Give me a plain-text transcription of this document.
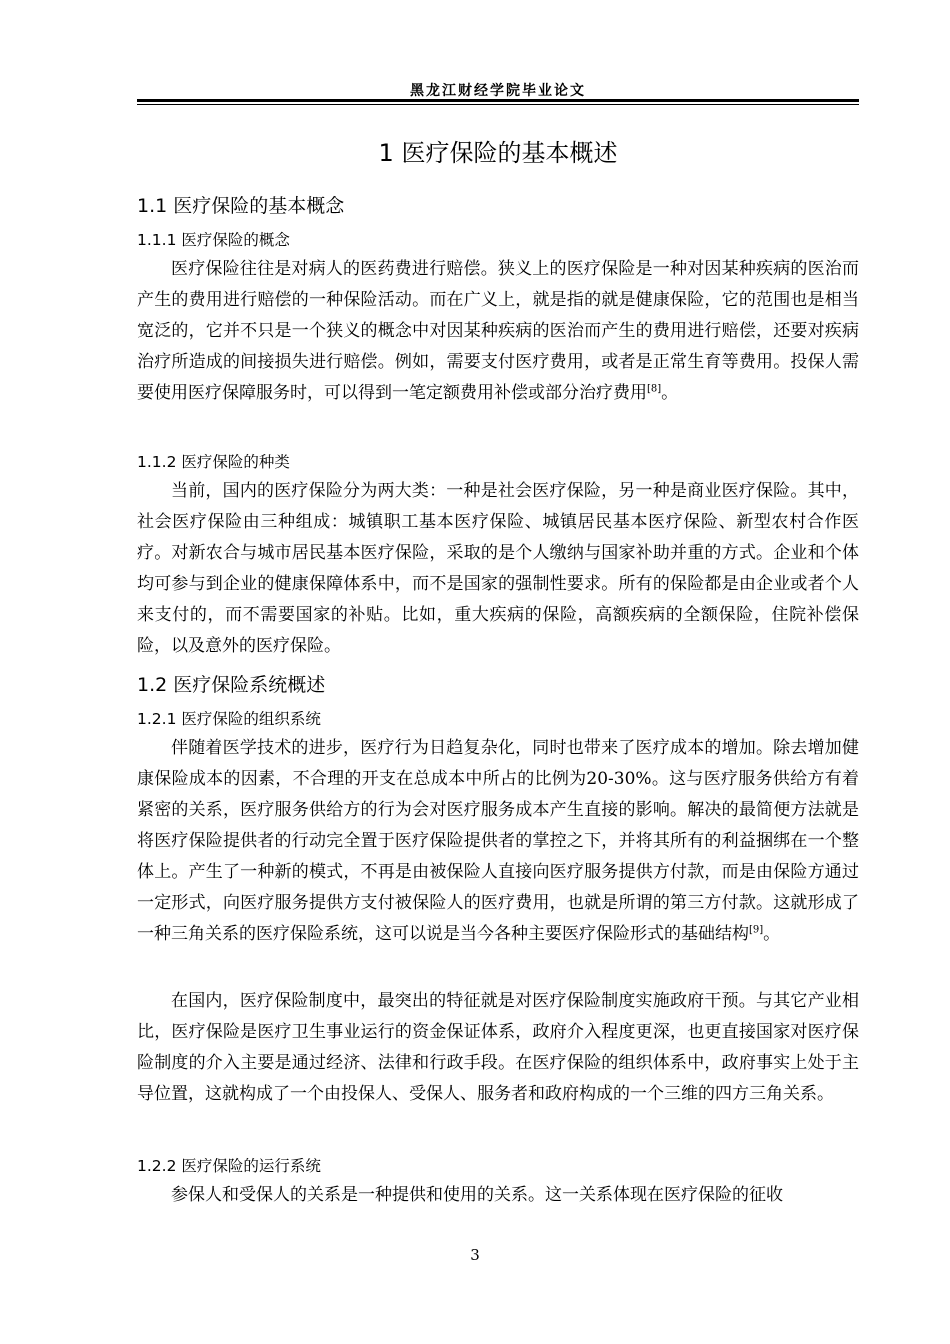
黑龙江财经学院毕业论文
1 医疗保险的基本概述
1.1 医疗保险的基本概念
1.1.1 医疗保险的概念

医疗保险往往是对病人的医药费进行赔偿。狭义上的医疗保险是一种对因某种疾病的医治而产生的费用进行赔偿的一种保险活动。而在广义上，就是指的就是健康保险，它的范围也是相当宽泛的，它并不只是一个狭义的概念中对因某种疾病的医治而产生的费用进行赔偿，还要对疾病治疗所造成的间接损失进行赔偿。例如，需要支付医疗费用，或者是正常生育等费用。投保人需要使用医疗保障服务时，可以得到一笔定额费用补偿或部分治疗费用[8]。

1.1.2 医疗保险的种类

当前，国内的医疗保险分为两大类：一种是社会医疗保险，另一种是商业医疗保险。其中，社会医疗保险由三种组成：城镇职工基本医疗保险、城镇居民基本医疗保险、新型农村合作医疗。对新农合与城市居民基本医疗保险，采取的是个人缴纳与国家补助并重的方式。企业和个体均可参与到企业的健康保障体系中，而不是国家的强制性要求。所有的保险都是由企业或者个人来支付的，而不需要国家的补贴。比如，重大疾病的保险，高额疾病的全额保险，住院补偿保险，以及意外的医疗保险。

1.2 医疗保险系统概述
1.2.1 医疗保险的组织系统

伴随着医学技术的进步，医疗行为日趋复杂化，同时也带来了医疗成本的增加。除去增加健康保险成本的因素，不合理的开支在总成本中所占的比例为20-30%。这与医疗服务供给方有着紧密的关系，医疗服务供给方的行为会对医疗服务成本产生直接的影响。解决的最简便方法就是将医疗保险提供者的行动完全置于医疗保险提供者的掌控之下，并将其所有的利益捆绑在一个整体上。产生了一种新的模式，不再是由被保险人直接向医疗服务提供方付款，而是由保险方通过一定形式，向医疗服务提供方支付被保险人的医疗费用，也就是所谓的第三方付款。这就形成了一种三角关系的医疗保险系统，这可以说是当今各种主要医疗保险形式的基础结构[9]。

在国内，医疗保险制度中，最突出的特征就是对医疗保险制度实施政府干预。与其它产业相比，医疗保险是医疗卫生事业运行的资金保证体系，政府介入程度更深，也更直接国家对医疗保险制度的介入主要是通过经济、法律和行政手段。在医疗保险的组织体系中，政府事实上处于主导位置，这就构成了一个由投保人、受保人、服务者和政府构成的一个三维的四方三角关系。

1.2.2 医疗保险的运行系统

参保人和受保人的关系是一种提供和使用的关系。这一关系体现在医疗保险的征收

3
